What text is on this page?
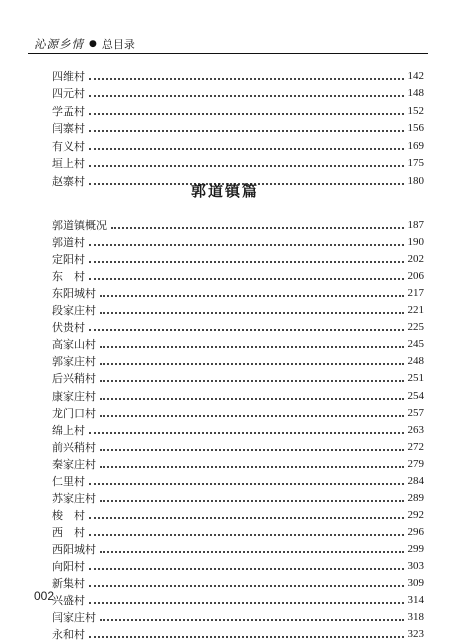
沁源乡情 ● 总目录
四维村	142
四元村	148
学孟村	152
闫寨村	156
有义村	169
垣上村	175
赵寨村	180
郭道镇篇
郭道镇概况	187
郭道村	190
定阳村	202
东　村	206
东阳城村	217
段家庄村	221
伏贵村	225
高家山村	245
郭家庄村	248
后兴稍村	251
康家庄村	254
龙门口村	257
绵上村	263
前兴稍村	272
秦家庄村	279
仁里村	284
苏家庄村	289
梭　村	292
西　村	296
西阳城村	299
向阳村	303
新集村	309
兴盛村	314
闫家庄村	318
永和村	323
002
